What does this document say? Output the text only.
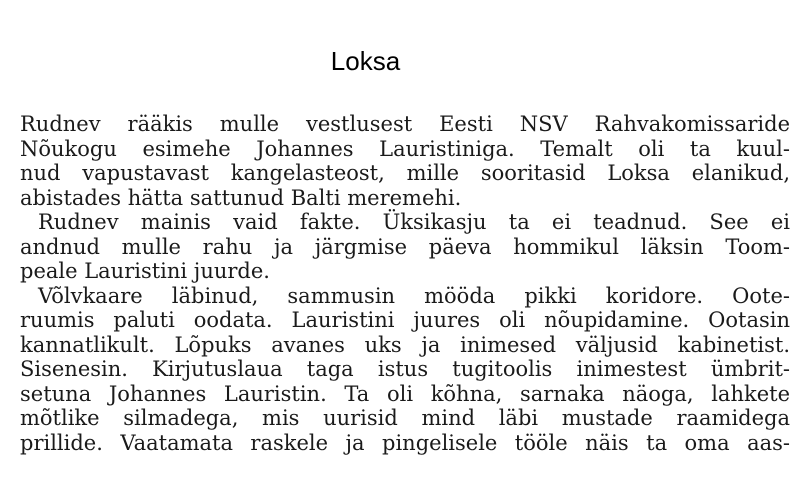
Loksa
Rudnev rääkis mulle vestlusest Eesti NSV Rahvakomissaride
Nõukogu esimehe Johannes Lauristiniga. Temalt oli ta kuul-
nud vapustavast kangelasteost, mille sooritasid Loksa elanikud,
abistades hätta sattunud Balti meremehi.
Rudnev mainis vaid fakte. Üksikasju ta ei teadnud. See ei
andnud mulle rahu ja järgmise päeva hommikul läksin Toom-
peale Lauristini juurde.
Võlvkaare läbinud, sammusin mööda pikki koridore. Oote-
ruumis paluti oodata. Lauristini juures oli nõupidamine. Ootasin
kannatlikult. Lõpuks avanes uks ja inimesed väljusid kabinetist.
Sisenesin. Kirjutuslaua taga istus tugitoolis inimestest ümbrit-
setuna Johannes Lauristin. Ta oli kõhna, sarnaka näoga, lahkete
mõtlike silmadega, mis uurisid mind läbi mustade raamidega
prillide. Vaatamata raskele ja pingelisele tööle näis ta oma aas-
